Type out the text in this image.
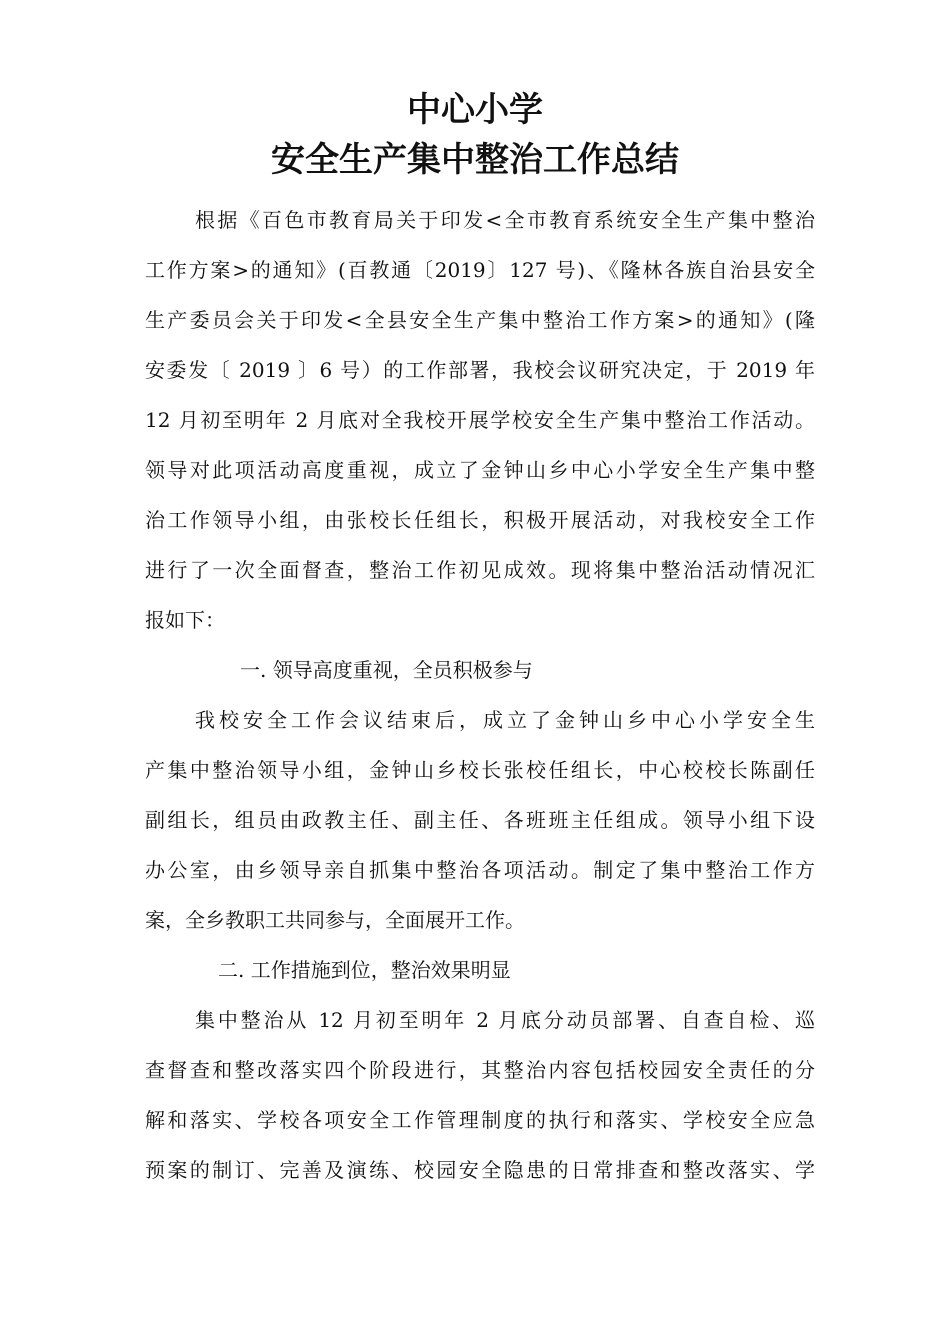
中心小学
安全生产集中整治工作总结
根据《百色市教育局关于印发<全市教育系统安全生产集中整治
工作方案>的通知》(百教通〔2019〕127 号)、《隆林各族自治县安全
生产委员会关于印发<全县安全生产集中整治工作方案>的通知》(隆
安委发〔 2019 〕6 号）的工作部署，我校会议研究决定，于 2019 年
12 月初至明年 2 月底对全我校开展学校安全生产集中整治工作活动。
领导对此项活动高度重视，成立了金钟山乡中心小学安全生产集中整
治工作领导小组，由张校长任组长，积极开展活动，对我校安全工作
进行了一次全面督查，整治工作初见成效。现将集中整治活动情况汇
报如下：
一. 领导高度重视，全员积极参与
我校安全工作会议结束后，成立了金钟山乡中心小学安全生
产集中整治领导小组，金钟山乡校长张校任组长，中心校校长陈副任
副组长，组员由政教主任、副主任、各班班主任组成。领导小组下设
办公室，由乡领导亲自抓集中整治各项活动。制定了集中整治工作方
案，全乡教职工共同参与，全面展开工作。
二. 工作措施到位，整治效果明显
集中整治从 12 月初至明年 2 月底分动员部署、自查自检、巡
查督查和整改落实四个阶段进行，其整治内容包括校园安全责任的分
解和落实、学校各项安全工作管理制度的执行和落实、学校安全应急
预案的制订、完善及演练、校园安全隐患的日常排查和整改落实、学
